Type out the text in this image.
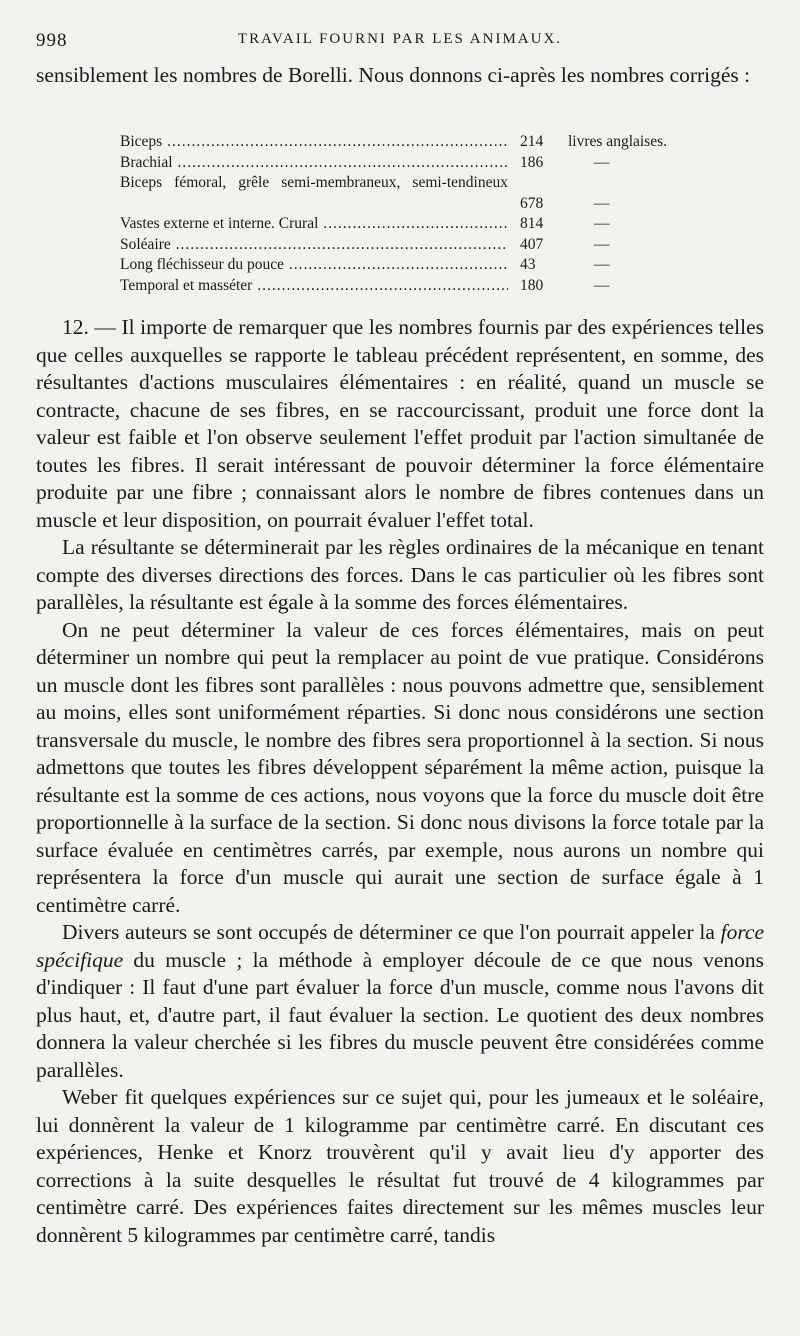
998	TRAVAIL FOURNI PAR LES ANIMAUX.

sensiblement les nombres de Borelli. Nous donnons ci-après les nombres corrigés :

Biceps .....	214	livres anglaises.
Brachial .....	186	—
Biceps fémoral, grêle semi-membraneux, semi-tendineux
678	—
Vastes externe et interne. Crural .....	814	—
Soléaire .....	407	—
Long fléchisseur du pouce .....	43	—
Temporal et masséter .....	180	—

12. — Il importe de remarquer que les nombres fournis par des expériences telles que celles auxquelles se rapporte le tableau précédent représentent, en somme, des résultantes d'actions musculaires élémentaires : en réalité, quand un muscle se contracte, chacune de ses fibres, en se raccourcissant, produit une force dont la valeur est faible et l'on observe seulement l'effet produit par l'action simultanée de toutes les fibres. Il serait intéressant de pouvoir déterminer la force élémentaire produite par une fibre ; connaissant alors le nombre de fibres contenues dans un muscle et leur disposition, on pourrait évaluer l'effet total.

La résultante se déterminerait par les règles ordinaires de la mécanique en tenant compte des diverses directions des forces. Dans le cas particulier où les fibres sont parallèles, la résultante est égale à la somme des forces élémentaires.

On ne peut déterminer la valeur de ces forces élémentaires, mais on peut déterminer un nombre qui peut la remplacer au point de vue pratique. Considérons un muscle dont les fibres sont parallèles : nous pouvons admettre que, sensiblement au moins, elles sont uniformément réparties. Si donc nous considérons une section transversale du muscle, le nombre des fibres sera proportionnel à la section. Si nous admettons que toutes les fibres développent séparément la même action, puisque la résultante est la somme de ces actions, nous voyons que la force du muscle doit être proportionnelle à la surface de la section. Si donc nous divisons la force totale par la surface évaluée en centimètres carrés, par exemple, nous aurons un nombre qui représentera la force d'un muscle qui aurait une section de surface égale à 1 centimètre carré.

Divers auteurs se sont occupés de déterminer ce que l'on pourrait appeler la force spécifique du muscle ; la méthode à employer découle de ce que nous venons d'indiquer : Il faut d'une part évaluer la force d'un muscle, comme nous l'avons dit plus haut, et, d'autre part, il faut évaluer la section. Le quotient des deux nombres donnera la valeur cherchée si les fibres du muscle peuvent être considérées comme parallèles.

Weber fit quelques expériences sur ce sujet qui, pour les jumeaux et le soléaire, lui donnèrent la valeur de 1 kilogramme par centimètre carré. En discutant ces expériences, Henke et Knorz trouvèrent qu'il y avait lieu d'y apporter des corrections à la suite desquelles le résultat fut trouvé de 4 kilogrammes par centimètre carré. Des expériences faites directement sur les mêmes muscles leur donnèrent 5 kilogrammes par centimètre carré, tandis
